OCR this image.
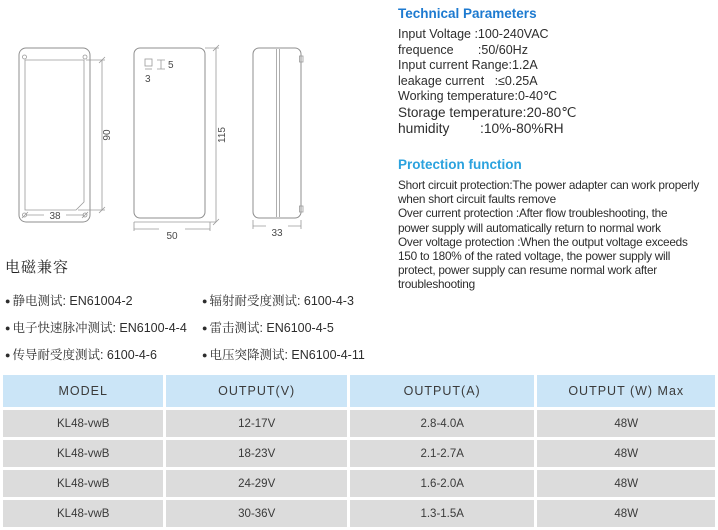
90
38
5
3
115
50	33
Technical Parameters
Input Voltage :100-240VAC
frequence       :50/60Hz
Input current Range:1.2A
leakage current   :≤0.25A
Working temperature:0-40℃
Storage temperature:20-80℃
humidity        :10%-80%RH
Protection function
Short circuit protection:The power adapter can work properly
when short circuit faults remove
Over current protection :After flow troubleshooting, the
power supply will automatically return to normal work
Over voltage protection :When the output voltage exceeds
150 to 180% of the rated voltage, the power supply will
protect, power supply can resume normal work after
troubleshooting
电磁兼容
● 静电测试: EN61004-2	● 辐射耐受度测试: 6100-4-3
● 电子快速脉冲测试: EN6100-4-4	● 雷击测试: EN6100-4-5
● 传导耐受度测试: 6100-4-6	● 电压突降测试: EN6100-4-11
MODEL	OUTPUT(V)	OUTPUT(A)	OUTPUT (W) Max
KL48-vwB	12-17V	2.8-4.0A	48W
KL48-vwB	18-23V	2.1-2.7A	48W
KL48-vwB	24-29V	1.6-2.0A	48W
KL48-vwB	30-36V	1.3-1.5A	48W
